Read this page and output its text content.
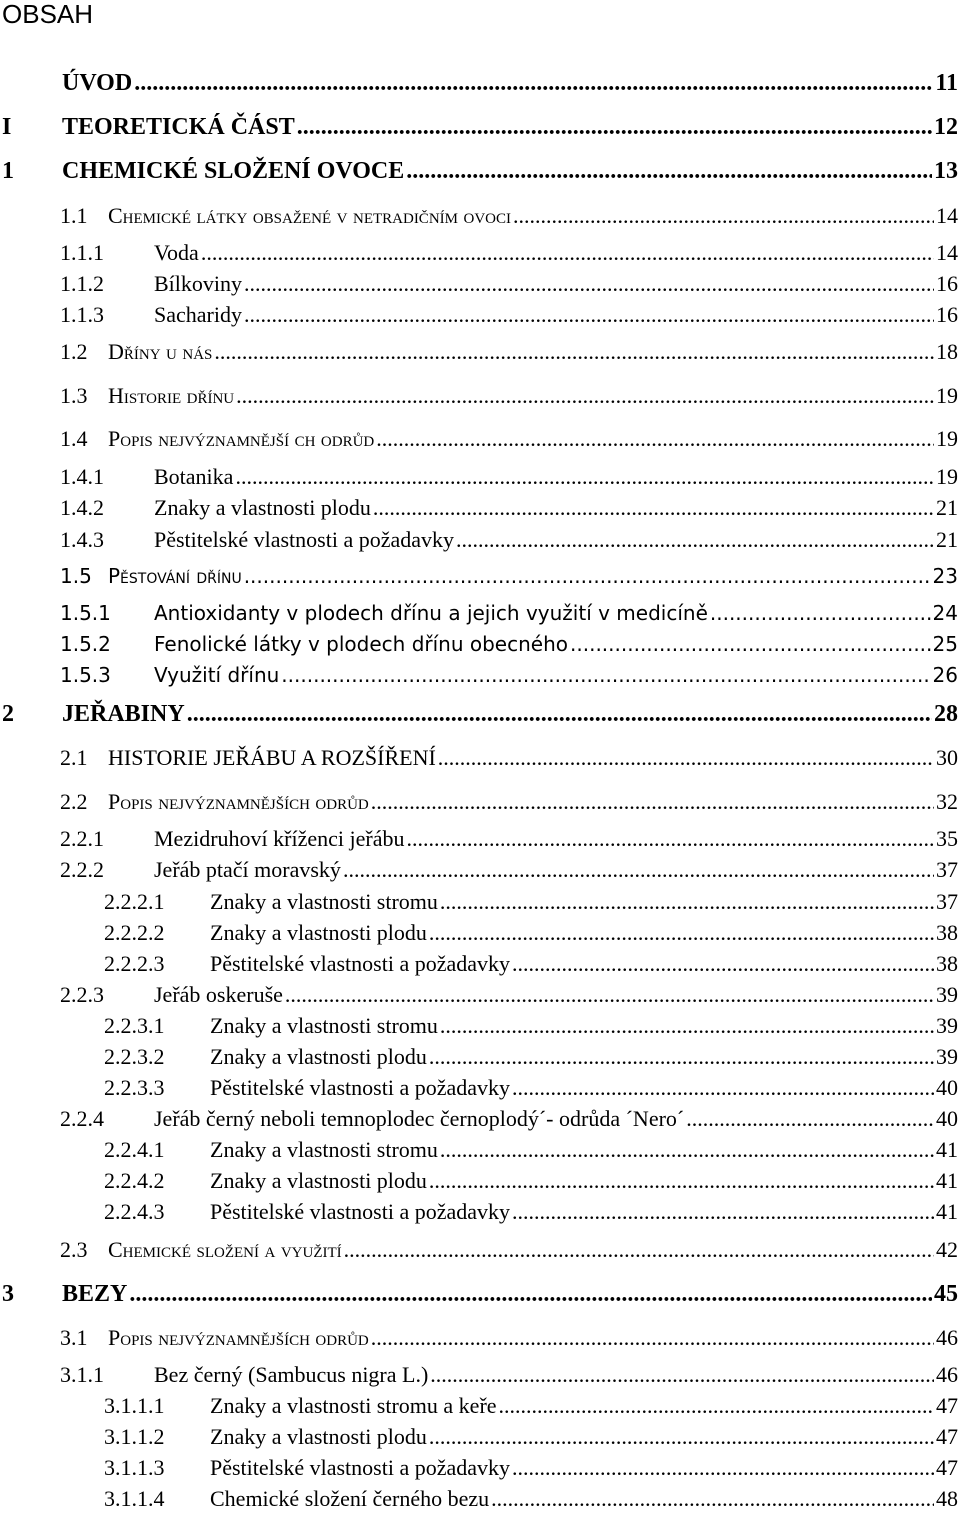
OBSAH
ÚVOD .....	11
I	TEORETICKÁ ČÁST .....	12
1	CHEMICKÉ SLOŽENÍ OVOCE .....	13
1.1 Chemické látky obsažené v netradičním ovoci .....	14
1.1.1	Voda .....	14
1.1.2	Bílkoviny .....	16
1.1.3	Sacharidy .....	16
1.2 Dříny u nás .....	18
1.3 Historie dřínu .....	19
1.4 Popis nejvýznamnější ch odrůd .....	19
1.4.1	Botanika .....	19
1.4.2	Znaky a vlastnosti plodu .....	21
1.4.3	Pěstitelské vlastnosti a požadavky .....	21
1.5 Pěstování dřínu .....	23
1.5.1	Antioxidanty v plodech dřínu a jejich využití v medicíně .....	24
1.5.2	Fenolické látky v plodech dřínu obecného .....	25
1.5.3	Využití dřínu .....	26
2	JEŘABINY .....	28
2.1 HISTORIE JEŘÁBU A ROZŠÍŘENÍ .....	30
2.2 Popis nejvýznamnějších odrůd .....	32
2.2.1	Mezidruhoví kříženci jeřábu .....	35
2.2.2	Jeřáb ptačí moravský .....	37
2.2.2.1	Znaky a vlastnosti stromu .....	37
2.2.2.2	Znaky a vlastnosti plodu .....	38
2.2.2.3	Pěstitelské vlastnosti a požadavky .....	38
2.2.3	Jeřáb oskeruše .....	39
2.2.3.1	Znaky a vlastnosti stromu .....	39
2.2.3.2	Znaky a vlastnosti plodu .....	39
2.2.3.3	Pěstitelské vlastnosti a požadavky .....	40
2.2.4	Jeřáb černý neboli temnoplodec černoplodý´- odrůda ´Nero´ .....	40
2.2.4.1	Znaky a vlastnosti stromu .....	41
2.2.4.2	Znaky a vlastnosti plodu .....	41
2.2.4.3	Pěstitelské vlastnosti a požadavky .....	41
2.3 Chemické složení a využití .....	42
3	BEZY .....	45
3.1 Popis nejvýznamnějších odrůd .....	46
3.1.1	Bez černý (Sambucus nigra L.) .....	46
3.1.1.1	Znaky a vlastnosti stromu a keře .....	47
3.1.1.2	Znaky a vlastnosti plodu .....	47
3.1.1.3	Pěstitelské vlastnosti a požadavky .....	47
3.1.1.4	Chemické složení černého bezu .....	48
